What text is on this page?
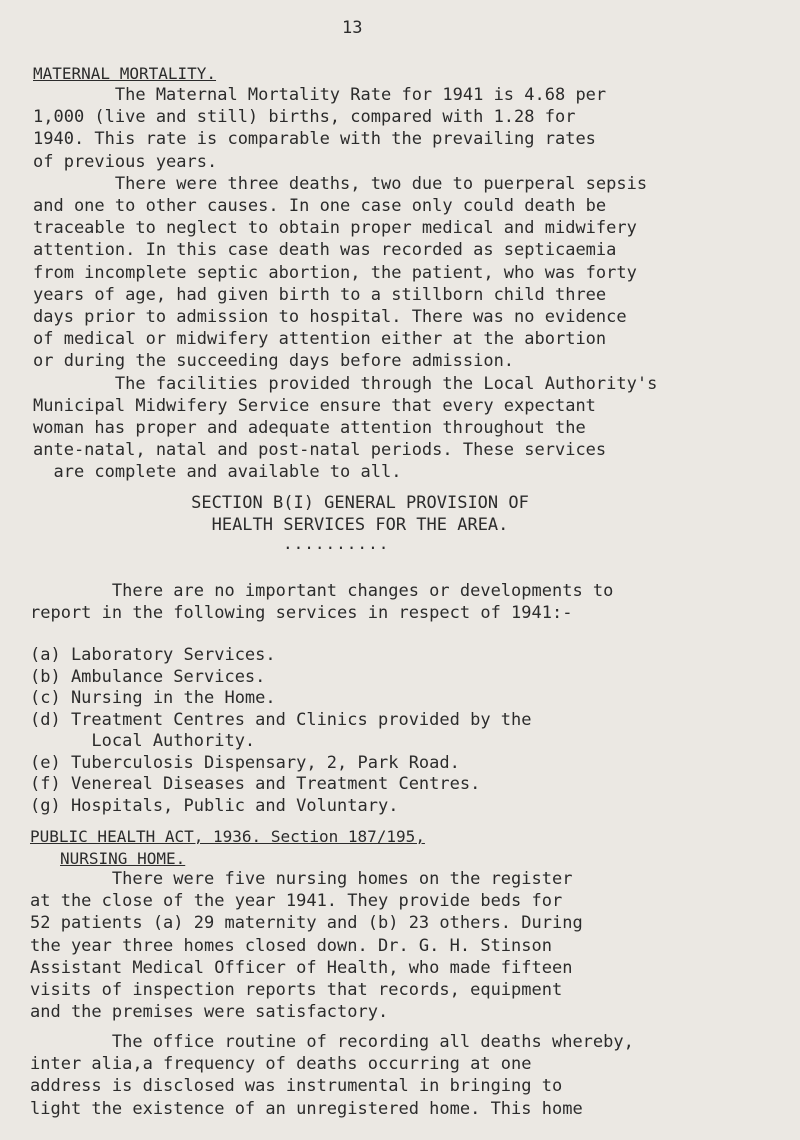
13
MATERNAL MORTALITY.
The Maternal Mortality Rate for 1941 is 4.68 per
1,000 (live and still) births, compared with 1.28 for
1940. This rate is comparable with the prevailing rates
of previous years.
There were three deaths, two due to puerperal sepsis
and one to other causes. In one case only could death be
traceable to neglect to obtain proper medical and midwifery
attention. In this case death was recorded as septicaemia
from incomplete septic abortion, the patient, who was forty
years of age, had given birth to a stillborn child three
days prior to admission to hospital. There was no evidence
of medical or midwifery attention either at the abortion
or during the succeeding days before admission.
The facilities provided through the Local Authority's
Municipal Midwifery Service ensure that every expectant
woman has proper and adequate attention throughout the
ante-natal, natal and post-natal periods. These services
are complete and available to all.
SECTION B(I) GENERAL PROVISION OF
HEALTH SERVICES FOR THE AREA.
..........
There are no important changes or developments to
report in the following services in respect of 1941:-
(a) Laboratory Services.
(b) Ambulance Services.
(c) Nursing in the Home.
(d) Treatment Centres and Clinics provided by the
Local Authority.
(e) Tuberculosis Dispensary, 2, Park Road.
(f) Venereal Diseases and Treatment Centres.
(g) Hospitals, Public and Voluntary.
PUBLIC HEALTH ACT, 1936. Section 187/195,
NURSING HOME.
There were five nursing homes on the register
at the close of the year 1941. They provide beds for
52 patients (a) 29 maternity and (b) 23 others. During
the year three homes closed down. Dr. G. H. Stinson
Assistant Medical Officer of Health, who made fifteen
visits of inspection reports that records, equipment
and the premises were satisfactory.
The office routine of recording all deaths whereby,
inter alia,a frequency of deaths occurring at one
address is disclosed was instrumental in bringing to
light the existence of an unregistered home. This home
